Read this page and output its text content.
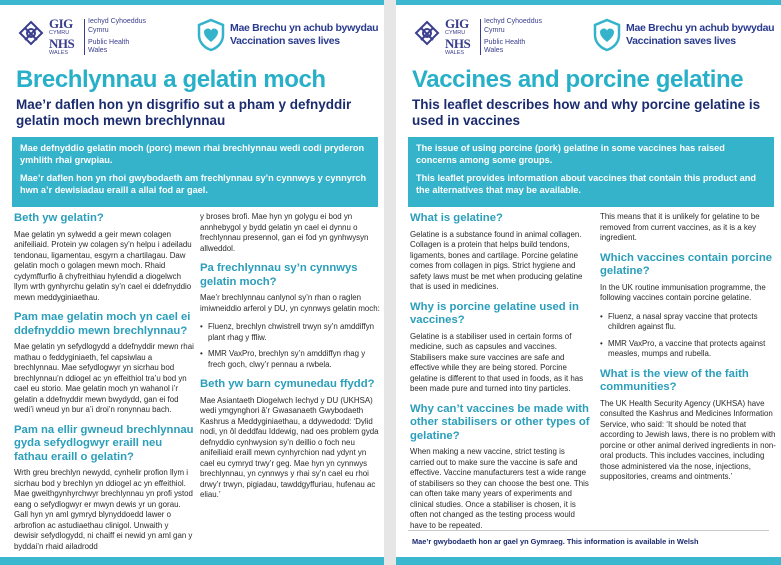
GIG
CYMRU
NHS
WALES
Iechyd Cyhoeddus
Cymru
Public Health
Wales
Mae Brechu yn achub bywydau
Vaccination saves lives
Brechlynnau a gelatin moch
Mae’r daflen hon yn disgrifio sut a pham y defnyddir gelatin moch mewn brechlynnau

Mae defnyddio gelatin moch (porc) mewn rhai brechlynnau wedi codi pryderon ymhlith rhai grwpiau.

Mae’r daflen hon yn rhoi gwybodaeth am frechlynnau sy’n cynnwys y cynnyrch hwn a’r dewisiadau eraill a allai fod ar gael.

Beth yw gelatin?

Mae gelatin yn sylwedd a geir mewn colagen anifeiliaid. Protein yw colagen sy’n helpu i adeiladu tendonau, ligamentau, esgyrn a chartilagau. Daw gelatin moch o golagen mewn moch. Rhaid cydymffurfio â chyfreithiau hylendid a diogelwch llym wrth gynhyrchu gelatin sy’n cael ei ddefnyddio mewn meddyginiaethau.

Pam mae gelatin moch yn cael ei ddefnyddio mewn brechlynnau?

Mae gelatin yn sefydlogydd a ddefnyddir mewn rhai mathau o feddyginiaeth, fel capsiwlau a brechlynnau. Mae sefydlogwyr yn sicrhau bod brechlynnau’n ddiogel ac yn effeithiol tra’u bod yn cael eu storio. Mae gelatin moch yn wahanol i’r gelatin a ddefnyddir mewn bwydydd, gan ei fod wedi’i wneud yn bur a’i droi’n ronynnau bach.

Pam na ellir gwneud brechlynnau gyda sefydlogwyr eraill neu fathau eraill o gelatin?

Wrth greu brechlyn newydd, cynhelir profion llym i sicrhau bod y brechlyn yn ddiogel ac yn effeithiol. Mae gweithgynhyrchwyr brechlynnau yn profi ystod eang o sefydlogwyr er mwyn dewis yr un gorau. Gall hyn yn aml gymryd blynyddoedd lawer o arbrofion ac astudiaethau clinigol. Unwaith y dewisir sefydlogydd, ni chaiff ei newid yn aml gan y byddai’n rhaid ailadrodd

y broses brofi. Mae hyn yn golygu ei bod yn annhebygol y bydd gelatin yn cael ei dynnu o frechlynnau presennol, gan ei fod yn gynhwysyn allweddol.

Pa frechlynnau sy’n cynnwys gelatin moch?

Mae’r brechlynnau canlynol sy’n rhan o raglen imiwneiddio arferol y DU, yn cynnwys gelatin moch:

• Fluenz, brechlyn chwistrell trwyn sy’n amddiffyn plant rhag y ffliw.
• MMR VaxPro, brechlyn sy’n amddiffyn rhag y frech goch, clwy’r pennau a rwbela.
Beth yw barn cymunedau ffydd?

Mae Asiantaeth Diogelwch Iechyd y DU (UKHSA) wedi ymgynghori â’r Gwasanaeth Gwybodaeth Kashrus a Meddyginiaethau, a ddywedodd: ‘Dylid nodi, yn ôl deddfau Iddewig, nad oes problem gyda defnyddio cynhwysion sy’n deillio o foch neu anifeiliaid eraill mewn cynhyrchion nad ydynt yn cael eu cymryd trwy’r geg. Mae hyn yn cynnwys brechlynnau, yn cynnwys y rhai sy’n cael eu rhoi drwy’r trwyn, pigiadau, tawddgyffuriau, hufenau ac eliau.’

GIG
CYMRU
NHS
WALES
Iechyd Cyhoeddus
Cymru
Public Health
Wales
Mae Brechu yn achub bywydau
Vaccination saves lives
Vaccines and porcine gelatine
This leaflet describes how and why porcine gelatine is used in vaccines

The issue of using porcine (pork) gelatine in some vaccines has raised concerns among some groups.

This leaflet provides information about vaccines that contain this product and the alternatives that may be available.

What is gelatine?

Gelatine is a substance found in animal collagen. Collagen is a protein that helps build tendons, ligaments, bones and cartilage. Porcine gelatine comes from collagen in pigs. Strict hygiene and safety laws must be met when producing gelatine that is used in medicines.

Why is porcine gelatine used in vaccines?

Gelatine is a stabiliser used in certain forms of medicine, such as capsules and vaccines. Stabilisers make sure vaccines are safe and effective while they are being stored. Porcine gelatine is different to that used in foods, as it has been made pure and turned into tiny particles.

Why can’t vaccines be made with other stabilisers or other types of gelatine?

When making a new vaccine, strict testing is carried out to make sure the vaccine is safe and effective. Vaccine manufacturers test a wide range of stabilisers so they can choose the best one. This can often take many years of experiments and clinical studies. Once a stabiliser is chosen, it is often not changed as the testing process would have to be repeated.

This means that it is unlikely for gelatine to be removed from current vaccines, as it is a key ingredient.

Which vaccines contain porcine gelatine?

In the UK routine immunisation programme, the following vaccines contain porcine gelatine.

• Fluenz, a nasal spray vaccine that protects children against flu.
• MMR VaxPro, a vaccine that protects against measles, mumps and rubella.
What is the view of the faith communities?

The UK Health Security Agency (UKHSA) have consulted the Kashrus and Medicines Information Service, who said: ‘It should be noted that according to Jewish laws, there is no problem with porcine or other animal derived ingredients in non-oral products. This includes vaccines, including those administered via the nose, injections, suppositories, creams and ointments.’

Mae’r gwybodaeth hon ar gael yn Gymraeg. This information is available in Welsh
